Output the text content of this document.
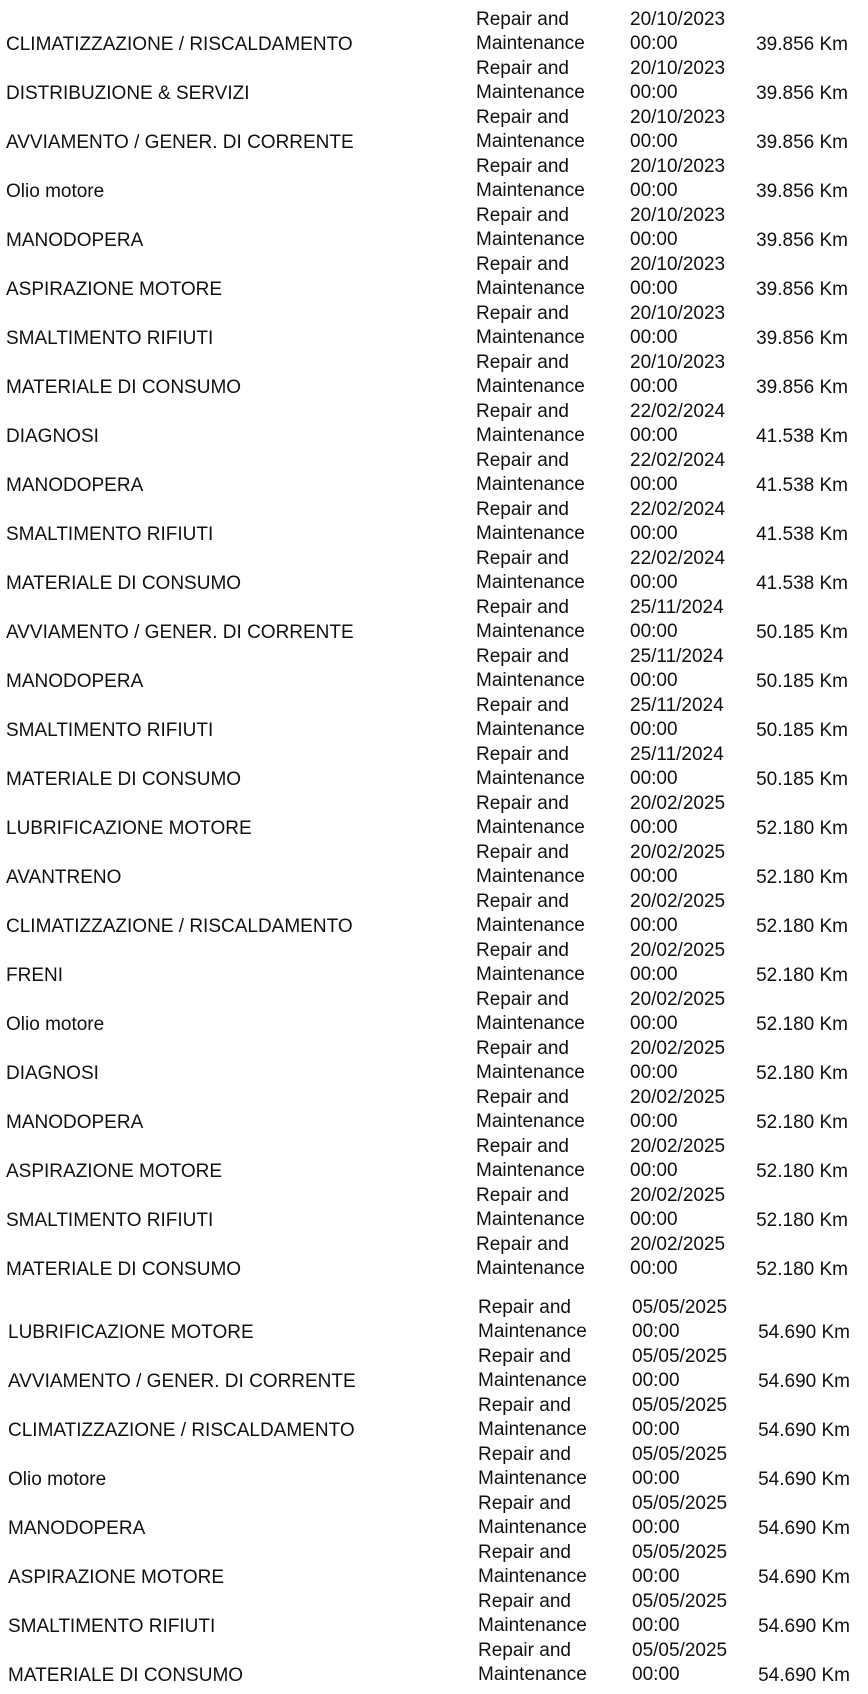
CLIMATIZZAZIONE / RISCALDAMENTO
Repair and
Maintenance
20/10/2023
00:00	39.856 Km
DISTRIBUZIONE & SERVIZI
Repair and
Maintenance
20/10/2023
00:00	39.856 Km
AVVIAMENTO / GENER. DI CORRENTE
Repair and
Maintenance
20/10/2023
00:00	39.856 Km
Olio motore
Repair and
Maintenance
20/10/2023
00:00	39.856 Km
MANODOPERA
Repair and
Maintenance
20/10/2023
00:00	39.856 Km
ASPIRAZIONE MOTORE
Repair and
Maintenance
20/10/2023
00:00	39.856 Km
SMALTIMENTO RIFIUTI
Repair and
Maintenance
20/10/2023
00:00	39.856 Km
MATERIALE DI CONSUMO
Repair and
Maintenance
20/10/2023
00:00	39.856 Km
DIAGNOSI
Repair and
Maintenance
22/02/2024
00:00	41.538 Km
MANODOPERA
Repair and
Maintenance
22/02/2024
00:00	41.538 Km
SMALTIMENTO RIFIUTI
Repair and
Maintenance
22/02/2024
00:00	41.538 Km
MATERIALE DI CONSUMO
Repair and
Maintenance
22/02/2024
00:00	41.538 Km
AVVIAMENTO / GENER. DI CORRENTE
Repair and
Maintenance
25/11/2024
00:00	50.185 Km
MANODOPERA
Repair and
Maintenance
25/11/2024
00:00	50.185 Km
SMALTIMENTO RIFIUTI
Repair and
Maintenance
25/11/2024
00:00	50.185 Km
MATERIALE DI CONSUMO
Repair and
Maintenance
25/11/2024
00:00	50.185 Km
LUBRIFICAZIONE MOTORE
Repair and
Maintenance
20/02/2025
00:00	52.180 Km
AVANTRENO
Repair and
Maintenance
20/02/2025
00:00	52.180 Km
CLIMATIZZAZIONE / RISCALDAMENTO
Repair and
Maintenance
20/02/2025
00:00	52.180 Km
FRENI
Repair and
Maintenance
20/02/2025
00:00	52.180 Km
Olio motore
Repair and
Maintenance
20/02/2025
00:00	52.180 Km
DIAGNOSI
Repair and
Maintenance
20/02/2025
00:00	52.180 Km
MANODOPERA
Repair and
Maintenance
20/02/2025
00:00	52.180 Km
ASPIRAZIONE MOTORE
Repair and
Maintenance
20/02/2025
00:00	52.180 Km
SMALTIMENTO RIFIUTI
Repair and
Maintenance
20/02/2025
00:00	52.180 Km
MATERIALE DI CONSUMO
Repair and
Maintenance
20/02/2025
00:00	52.180 Km
LUBRIFICAZIONE MOTORE
Repair and
Maintenance
05/05/2025
00:00	54.690 Km
AVVIAMENTO / GENER. DI CORRENTE
Repair and
Maintenance
05/05/2025
00:00	54.690 Km
CLIMATIZZAZIONE / RISCALDAMENTO
Repair and
Maintenance
05/05/2025
00:00	54.690 Km
Olio motore
Repair and
Maintenance
05/05/2025
00:00	54.690 Km
MANODOPERA
Repair and
Maintenance
05/05/2025
00:00	54.690 Km
ASPIRAZIONE MOTORE
Repair and
Maintenance
05/05/2025
00:00	54.690 Km
SMALTIMENTO RIFIUTI
Repair and
Maintenance
05/05/2025
00:00	54.690 Km
MATERIALE DI CONSUMO
Repair and
Maintenance
05/05/2025
00:00	54.690 Km
